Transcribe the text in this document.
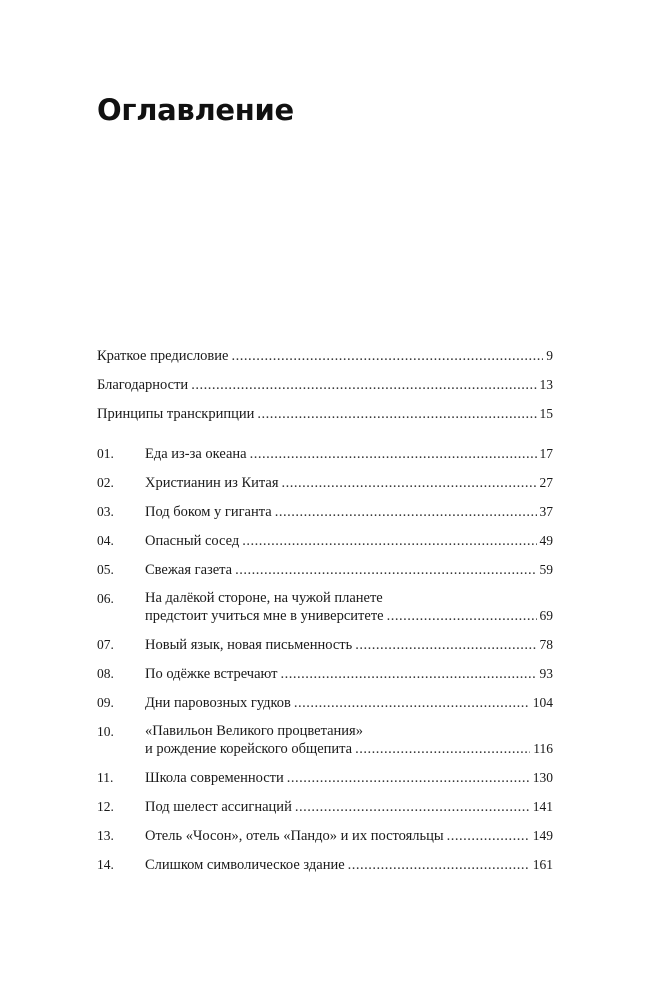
Оглавление
Краткое предисловие .....	9
Благодарности .....	13
Принципы транскрипции .....	15
01.	Еда из-за океана .....	17
02.	Христианин из Китая .....	27
03.	Под боком у гиганта .....	37
04.	Опасный сосед .....	49
05.	Свежая газета .....	59
06.	На далёкой стороне, на чужой планете
предстоит учиться мне в университете .....	69
07.	Новый язык, новая письменность .....	78
08.	По одёжке встречают .....	93
09.	Дни паровозных гудков .....	104
10.	«Павильон Великого процветания»
и рождение корейского общепита .....	116
11.	Школа современности .....	130
12.	Под шелест ассигнаций .....	141
13.	Отель «Чосон», отель «Пандо» и их постояльцы .....	149
14.	Слишком символическое здание .....	161
